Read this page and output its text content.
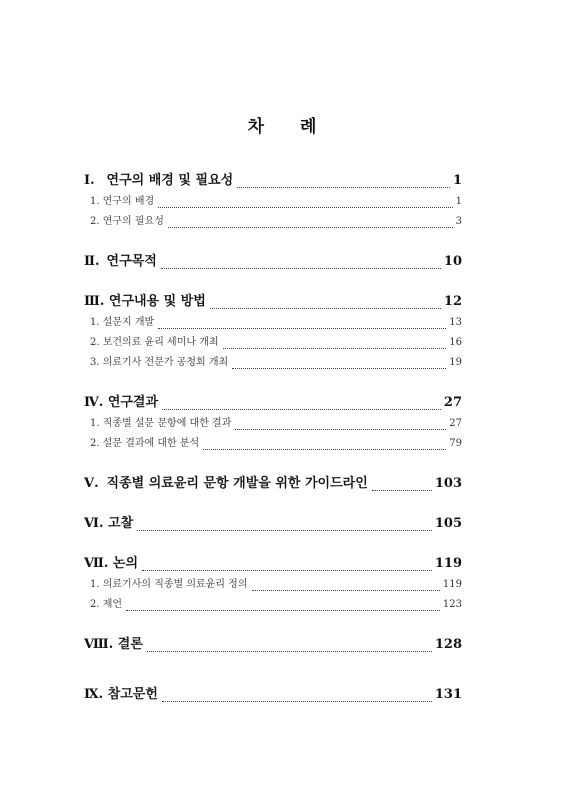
차 례
Ⅰ. 연구의 배경 및 필요성	1
1. 연구의 배경	1
2. 연구의 필요성	3
Ⅱ. 연구목적	10
Ⅲ. 연구내용 및 방법	12
1. 설문지 개발	13
2. 보건의료 윤리 세미나 개최	16
3. 의료기사 전문가 공청회 개최	19
Ⅳ. 연구결과	27
1. 직종별 설문 문항에 대한 결과	27
2. 설문 결과에 대한 분석	79
Ⅴ. 직종별 의료윤리 문항 개발을 위한 가이드라인	103
Ⅵ. 고찰	105
Ⅶ. 논의	119
1. 의료기사의 직종별 의료윤리 정의	119
2. 제언	123
Ⅷ. 결론	128
Ⅸ. 참고문헌	131
